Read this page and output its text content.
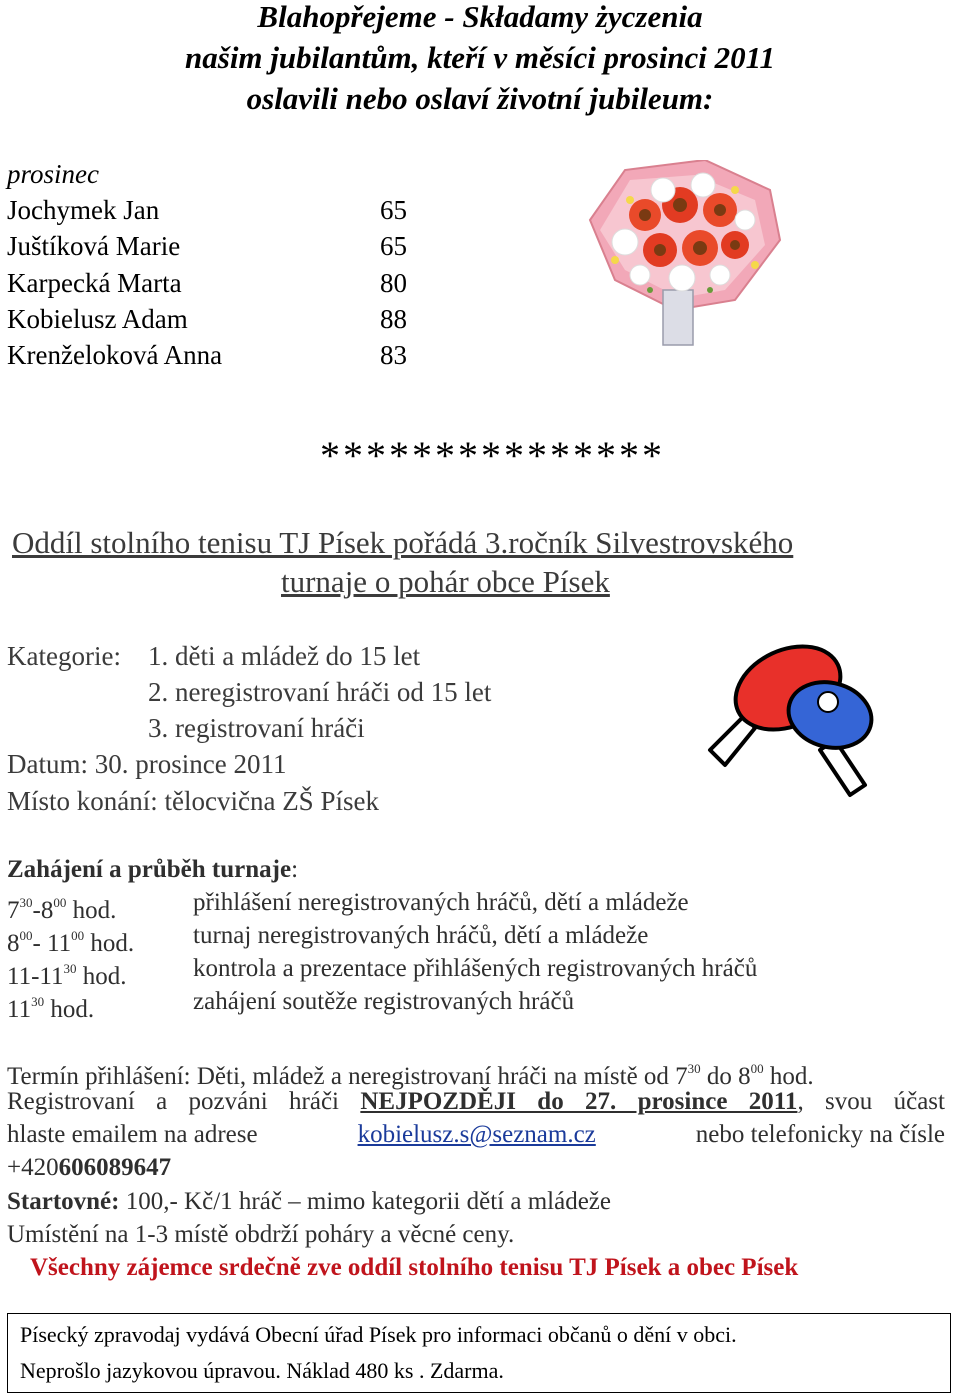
Blahopřejeme - Składamy życzenia
našim jubilantům, kteří v měsíci prosinci 2011
oslavili nebo oslaví životní jubileum:
prosinec
Jochymek Jan	65
Juštíková Marie	65
Karpecká Marta	80
Kobielusz Adam	88
Krenželoková Anna	83
***************
Oddíl stolního tenisu TJ Písek pořádá 3.ročník Silvestrovského
turnaje o pohár obce Písek
Kategorie: 1. děti a mládež do 15 let
2. neregistrovaní hráči od 15 let
3. registrovaní hráči
Datum: 30. prosince 2011
Místo konání: tělocvična ZŠ Písek
Zahájení a průběh turnaje:
$7^{30}-8^{00}$ hod.	přihlášení neregistrovaných hráčů, dětí a mládeže
$8^{00}-$ $11^{00}$ hod. turnaj neregistrovaných hráčů, dětí a mládeže
$11-11^{30}$ hod.	kontrola a prezentace přihlášených registrovaných hráčů
$11^{30}$ hod.	zahájení soutěže registrovaných hráčů
Termín přihlášení: Děti, mládež a neregistrovaní hráči na místě od $7^{30}$ do $8^{00}$ hod.
Registrovaní a pozváni hráči NEJPOZDĚJI do 27. prosince 2011, svou účast
hlaste emailem na adrese	kobielusz.s@seznam.cz	nebo telefonicky na čísle
+420606089647
Startovné: 100,- Kč/1 hráč – mimo kategorii dětí a mládeže
Umístění na 1-3 místě obdrží poháry a věcné ceny.
Všechny zájemce srdečně zve oddíl stolního tenisu TJ Písek a obec Písek
Písecký zpravodaj vydává Obecní úřad Písek pro informaci občanů o dění v obci.
Neprošlo jazykovou úpravou. Náklad 480 ks . Zdarma.
